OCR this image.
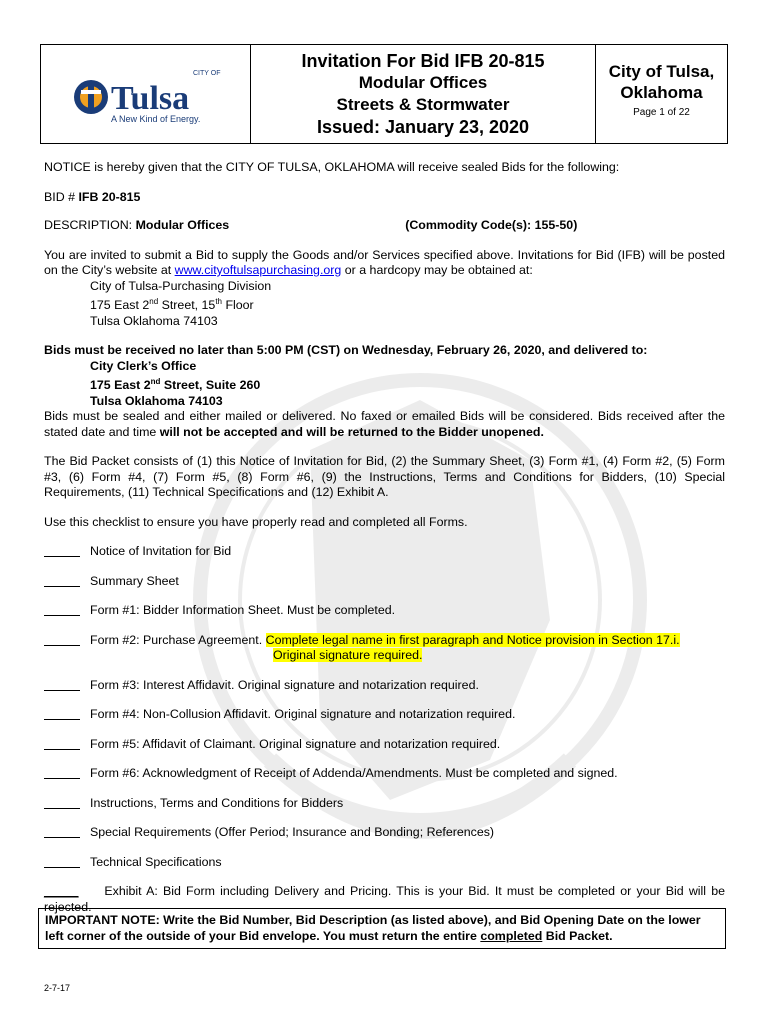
CITY OF
Tulsa
A New Kind of Energy.
Invitation For Bid IFB 20-815
Modular Offices
Streets & Stormwater
Issued: January 23, 2020
City of Tulsa,
Oklahoma
Page 1 of 22

NOTICE is hereby given that the CITY OF TULSA, OKLAHOMA will receive sealed Bids for the following:

BID # IFB 20-815

DESCRIPTION: Modular Offices	(Commodity Code(s): 155-50)

You are invited to submit a Bid to supply the Goods and/or Services specified above. Invitations for Bid (IFB) will be posted on the City’s website at www.cityoftulsapurchasing.org or a hardcopy may be obtained at:

City of Tulsa-Purchasing Division

175 East 2nd Street, 15th Floor

Tulsa Oklahoma 74103

Bids must be received no later than 5:00 PM (CST) on Wednesday, February 26, 2020, and delivered to:

City Clerk’s Office

175 East 2nd Street, Suite 260

Tulsa Oklahoma 74103

Bids must be sealed and either mailed or delivered. No faxed or emailed Bids will be considered. Bids received after the stated date and time will not be accepted and will be returned to the Bidder unopened.

The Bid Packet consists of (1) this Notice of Invitation for Bid, (2) the Summary Sheet, (3) Form #1, (4) Form #2, (5) Form #3, (6) Form #4, (7) Form #5, (8) Form #6, (9) the Instructions, Terms and Conditions for Bidders, (10) Special Requirements, (11) Technical Specifications and (12) Exhibit A.

Use this checklist to ensure you have properly read and completed all Forms.

Notice of Invitation for Bid
Summary Sheet
Form #1: Bidder Information Sheet. Must be completed.
Form #2: Purchase Agreement. Complete legal name in first paragraph and Notice provision in Section 17.i.
Original signature required.
Form #3: Interest Affidavit. Original signature and notarization required.
Form #4: Non-Collusion Affidavit. Original signature and notarization required.
Form #5: Affidavit of Claimant. Original signature and notarization required.
Form #6: Acknowledgment of Receipt of Addenda/Amendments. Must be completed and signed.
Instructions, Terms and Conditions for Bidders
Special Requirements (Offer Period; Insurance and Bonding; References)
Technical Specifications

_____ Exhibit A: Bid Form including Delivery and Pricing. This is your Bid. It must be completed or your Bid will be rejected.

IMPORTANT NOTE: Write the Bid Number, Bid Description (as listed above), and Bid Opening Date on the lower left corner of the outside of your Bid envelope. You must return the entire completed Bid Packet.
2-7-17
